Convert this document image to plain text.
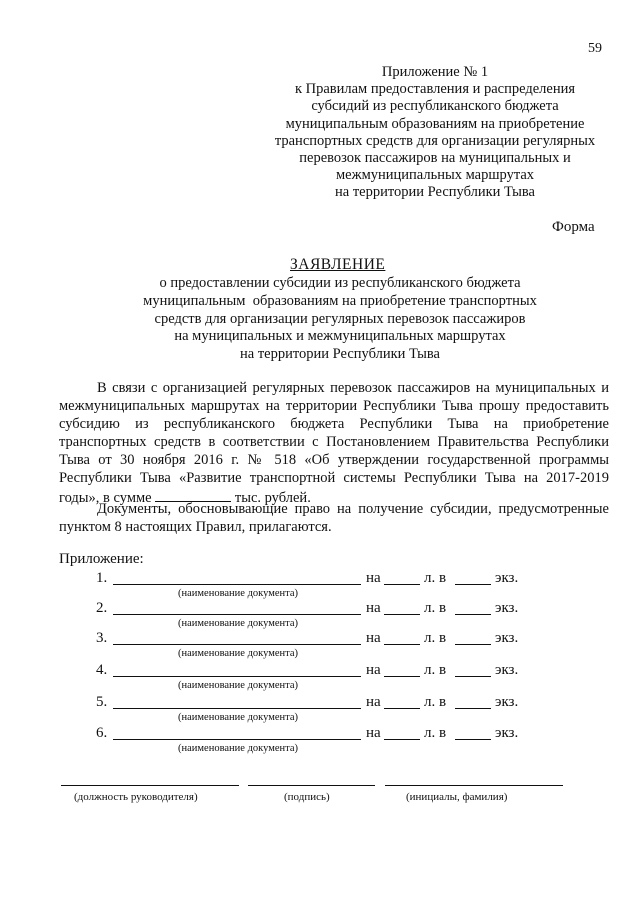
59
Приложение № 1
к Правилам предоставления и распределения
субсидий из республиканского бюджета
муниципальным образованиям на приобретение
транспортных средств для организации регулярных
перевозок пассажиров на муниципальных и
межмуниципальных маршрутах
на территории Республики Тыва
Форма
ЗАЯВЛЕНИЕ
о предоставлении субсидии из республиканского бюджета
муниципальным  образованиям на приобретение транспортных
средств для организации регулярных перевозок пассажиров
на муниципальных и межмуниципальных маршрутах
на территории Республики Тыва

В связи с организацией регулярных перевозок пассажиров на муниципальных и межмуниципальных маршрутах на территории Республики Тыва прошу предоставить субсидию из республиканского бюджета Республики Тыва на приобретение транспортных средств в соответствии с Постановлением Правительства Республики Тыва от 30 ноября 2016 г. № 518 «Об утверждении государственной программы Республики Тыва «Развитие транспортной системы Республики Тыва на 2017-2019 годы», в сумме	тыс. рублей.

Документы, обосновывающие право на получение субсидии, предусмотренные пунктом 8 настоящих Правил, прилагаются.

Приложение:
1.	на	л. в	экз.
(наименование документа)
2.	на	л. в	экз.
(наименование документа)
3.	на	л. в	экз.
(наименование документа)
4.	на	л. в	экз.
(наименование документа)
5.	на	л. в	экз.
(наименование документа)
6.	на	л. в	экз.
(наименование документа)
(должность руководителя)	(подпись)	(инициалы, фамилия)
